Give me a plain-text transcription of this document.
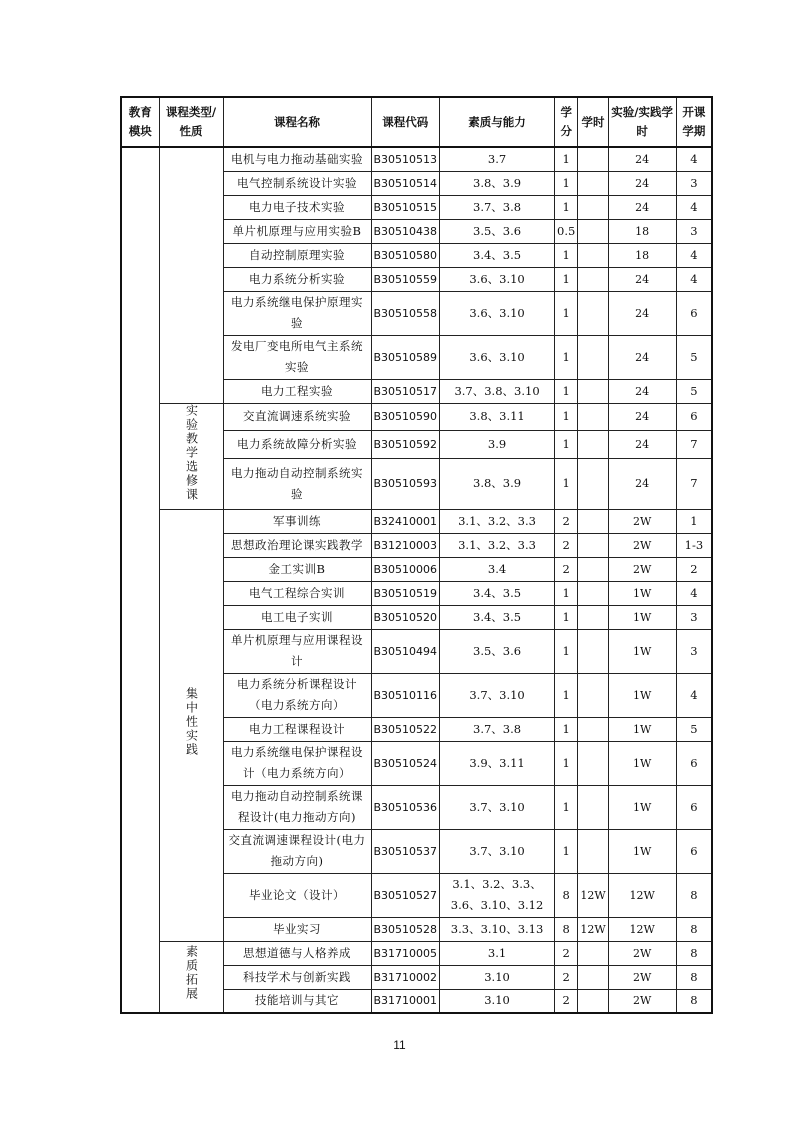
教育模块	课程类型/性质	课程名称	课程代码	素质与能力	学分	学时	实验/实践学时	开课学期
		电机与电力拖动基础实验	B30510513	3.7	1		24	4
		电气控制系统设计实验	B30510514	3.8、3.9	1		24	3
		电力电子技术实验	B30510515	3.7、3.8	1		24	4
		单片机原理与应用实验B	B30510438	3.5、3.6	0.5		18	3
		自动控制原理实验	B30510580	3.4、3.5	1		18	4
		电力系统分析实验	B30510559	3.6、3.10	1		24	4
		电力系统继电保护原理实验	B30510558	3.6、3.10	1		24	6
		发电厂变电所电气主系统实验	B30510589	3.6、3.10	1		24	5
		电力工程实验	B30510517	3.7、3.8、3.10	1		24	5
	实验教学选修课	交直流调速系统实验	B30510590	3.8、3.11	1		24	6
		电力系统故障分析实验	B30510592	3.9	1		24	7
		电力拖动自动控制系统实验	B30510593	3.8、3.9	1		24	7
	集中性实践	军事训练	B32410001	3.1、3.2、3.3	2		2W	1
		思想政治理论课实践教学	B31210003	3.1、3.2、3.3	2		2W	1-3
		金工实训B	B30510006	3.4	2		2W	2
		电气工程综合实训	B30510519	3.4、3.5	1		1W	4
		电工电子实训	B30510520	3.4、3.5	1		1W	3
		单片机原理与应用课程设计	B30510494	3.5、3.6	1		1W	3
		电力系统分析课程设计（电力系统方向）	B30510116	3.7、3.10	1		1W	4
		电力工程课程设计	B30510522	3.7、3.8	1		1W	5
		电力系统继电保护课程设计（电力系统方向）	B30510524	3.9、3.11	1		1W	6
		电力拖动自动控制系统课程设计(电力拖动方向)	B30510536	3.7、3.10	1		1W	6
		交直流调速课程设计(电力拖动方向)	B30510537	3.7、3.10	1		1W	6
		毕业论文（设计）	B30510527	3.1、3.2、3.3、3.6、3.10、3.12	8	12W	12W	8
		毕业实习	B30510528	3.3、3.10、3.13	8	12W	12W	8
	素质拓展	思想道德与人格养成	B31710005	3.1	2		2W	8
		科技学术与创新实践	B31710002	3.10	2		2W	8
		技能培训与其它	B31710001	3.10	2		2W	8
11
